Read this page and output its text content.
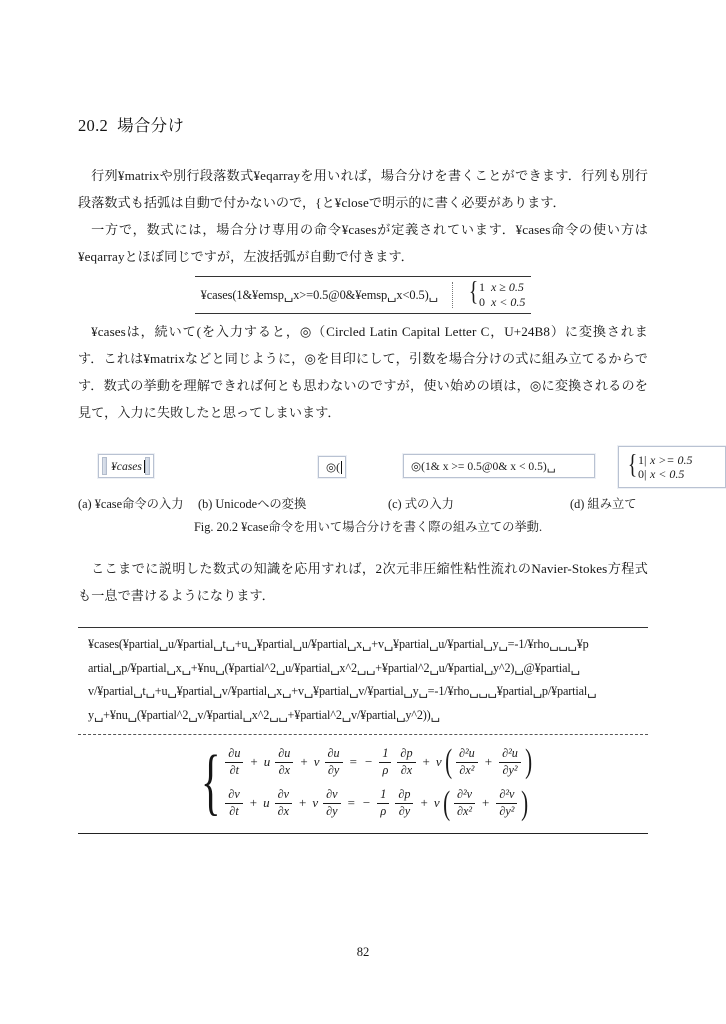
20.2 場合分け

行列¥matrixや別行段落数式¥eqarrayを用いれば，場合分けを書くことができます．行列も別行段落数式も括弧は自動で付かないので，{と¥closeで明示的に書く必要があります．

一方で，数式には，場合分け専用の命令¥casesが定義されています．¥cases命令の使い方は¥eqarrayとほぼ同じですが，左波括弧が自動で付きます．

¥cases(1&¥emsp␣x>=0.5@0&¥emsp␣x<0.5)␣ { 1 x ≥ 0.5
0 x < 0.5

¥casesは，続いて(を入力すると，◎（Circled Latin Capital Letter C，U+24B8）に変換されます．これは¥matrixなどと同じように，◎を目印にして，引数を場合分けの式に組み立てるからです．数式の挙動を理解できれば何とも思わないのですが，使い始めの頃は，◎に変換されるのを見て，入力に失敗したと思ってしまいます．

¥cases	◎(	◎(1& x >= 0.5@0& x < 0.5)␣	{ 1| x >= 0.5
0| x < 0.5
(a) ¥case命令の入力 (b) Unicodeへの変換	(c) 式の入力	(d) 組み立て
Fig. 20.2 ¥case命令を用いて場合分けを書く際の組み立ての挙動.

ここまでに説明した数式の知識を応用すれば，2次元非圧縮性粘性流れのNavier-Stokes方程式も一息で書けるようになります．

¥cases(¥partial␣u/¥partial␣t␣+u␣¥partial␣u/¥partial␣x␣+v␣¥partial␣u/¥partial␣y␣=-1/¥rho␣␣␣¥p
artial␣p/¥partial␣x␣+¥nu␣(¥partial^2␣u/¥partial␣x^2␣␣+¥partial^2␣u/¥partial␣y^2)␣@¥partial␣
v/¥partial␣t␣+u␣¥partial␣v/¥partial␣x␣+v␣¥partial␣v/¥partial␣y␣=-1/¥rho␣␣␣¥partial␣p/¥partial␣
y␣+¥nu␣(¥partial^2␣v/¥partial␣x^2␣␣+¥partial^2␣v/¥partial␣y^2))␣
{ $\frac{\partial u}{\partial t} + u \frac{\partial u}{\partial x} + v \frac{\partial u}{\partial y}$ = − $\frac{1}{\rho} \frac{\partial p}{\partial x} + \nu$ ( $\frac{\text{∂²u}}{\text{∂x²}} + \frac{\text{∂²u}}{\text{∂y²}}$ )
$\frac{\partial v}{\partial t} + u \frac{\partial v}{\partial x} + v \frac{\partial v}{\partial y}$ = − $\frac{1}{\rho} \frac{\partial p}{\partial y} + \nu$ ( $\frac{\text{∂²v}}{\text{∂x²}} + \frac{\text{∂²v}}{\text{∂y²}}$ )
82
